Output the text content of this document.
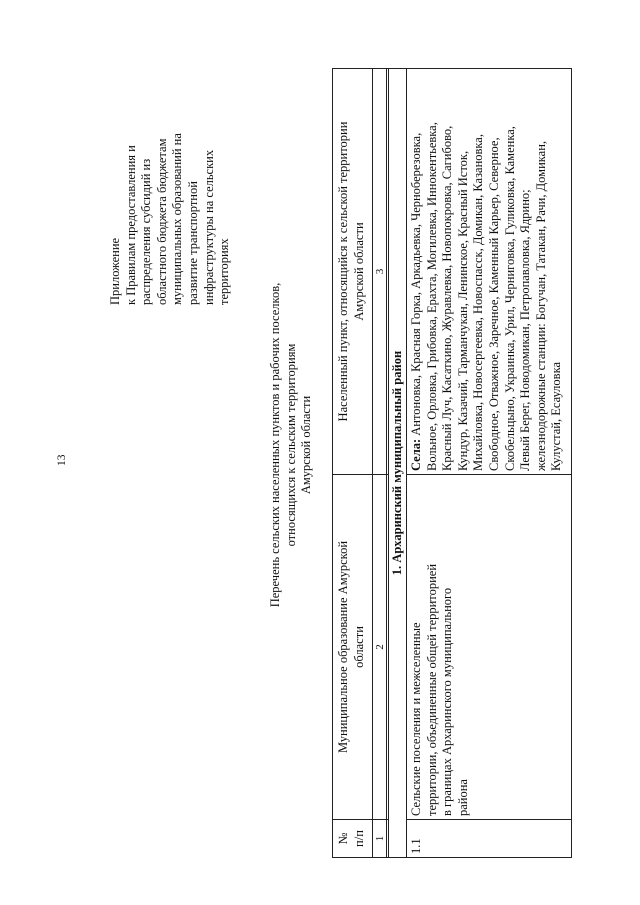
13
Приложение к Правилам предоставления и распределения субсидий из областного бюджета бюджетам муниципальных образований на развитие транспортной инфраструктуры на сельских территориях
Перечень сельских населенных пунктов и рабочих поселков, относящихся к сельским территориям Амурской области
№ п/п
Муниципальное образование Амурской области
Населенный пункт, относящийся к сельской территории Амурской области
1
2
3
1. Архаринский муниципальный район
1.1
Сельские поселения и межселенные территории, объединенные общей территорией в границах Архаринского муниципального района
Села: Антоновка, Красная Горка, Аркадьевка, Черноберезовка, Вольное, Орловка, Грибовка, Ерахта, Могилевка, Иннокентьевка, Красный Луч, Касаткино, Журавлевка, Новопокровка, Сагибово, Кундур, Казачий, Тарманчукан, Ленинское, Красный Исток, Михайловка, Новосергеевка, Новоспасск, Домикан, Казановка, Свободное, Отважное, Заречное, Каменный Карьер, Северное, Скобельцыно, Украинка, Урил, Черниговка, Гуликовка, Каменка, Левый Берег, Новодомикан, Петропавловка, Ядрино; железнодорожные станции: Богучан, Татакан, Рачи, Домикан, Кулустай, Есауловка
